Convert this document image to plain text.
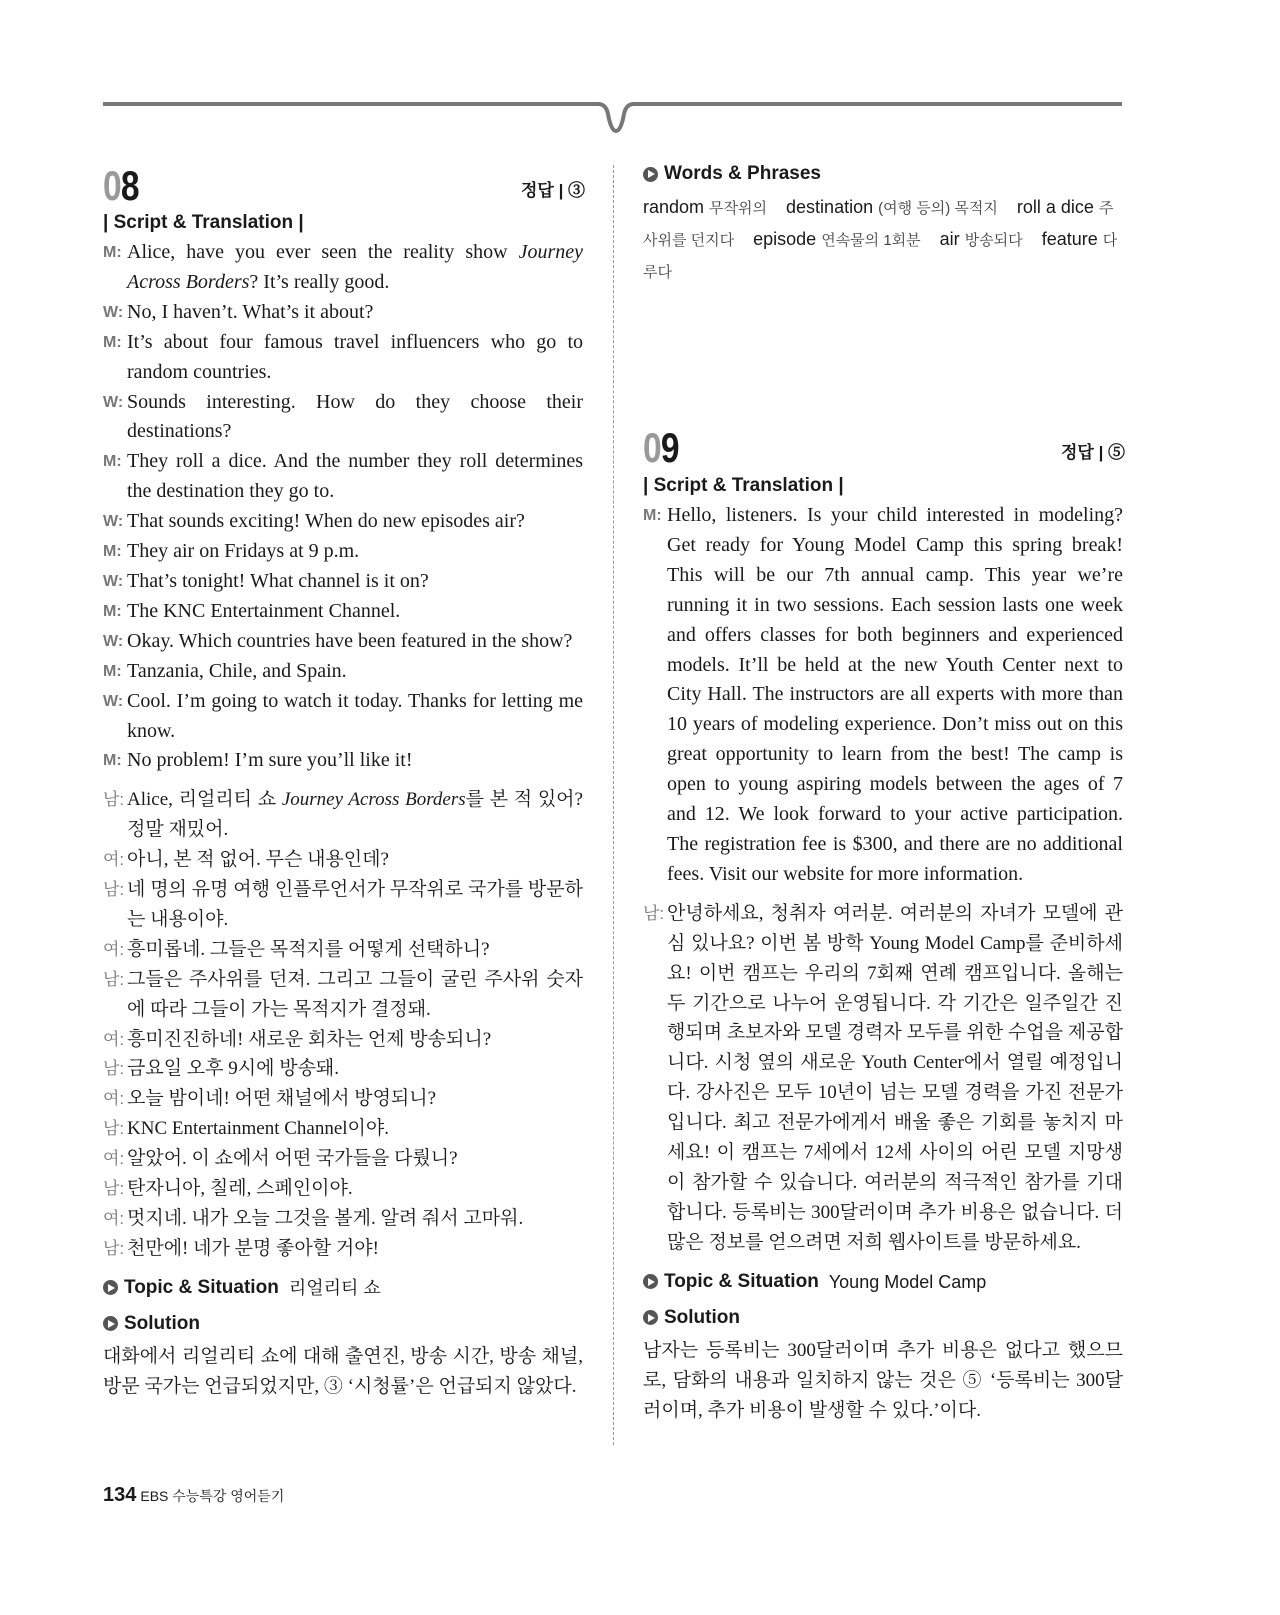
08	정답 | ③
| Script & Translation |
M: Alice, have you ever seen the reality show Journey Across Borders? It’s really good.
W: No, I haven’t. What’s it about?
M: It’s about four famous travel influencers who go to random countries.
W: Sounds interesting. How do they choose their destinations?
M: They roll a dice. And the number they roll determines the destination they go to.
W: That sounds exciting! When do new episodes air?
M: They air on Fridays at 9 p.m.
W: That’s tonight! What channel is it on?
M: The KNC Entertainment Channel.
W: Okay. Which countries have been featured in the show?
M: Tanzania, Chile, and Spain.
W: Cool. I’m going to watch it today. Thanks for letting me know.
M: No problem! I’m sure you’ll like it!
남: Alice, 리얼리티 쇼 Journey Across Borders를 본 적 있어? 정말 재밌어.
여: 아니, 본 적 없어. 무슨 내용인데?
남: 네 명의 유명 여행 인플루언서가 무작위로 국가를 방문하는 내용이야.
여: 흥미롭네. 그들은 목적지를 어떻게 선택하니?
남: 그들은 주사위를 던져. 그리고 그들이 굴린 주사위 숫자에 따라 그들이 가는 목적지가 결정돼.
여: 흥미진진하네! 새로운 회차는 언제 방송되니?
남: 금요일 오후 9시에 방송돼.
여: 오늘 밤이네! 어떤 채널에서 방영되니?
남: KNC Entertainment Channel이야.
여: 알았어. 이 쇼에서 어떤 국가들을 다뤘니?
남: 탄자니아, 칠레, 스페인이야.
여: 멋지네. 내가 오늘 그것을 볼게. 알려 줘서 고마워.
남: 천만에! 네가 분명 좋아할 거야!
Topic & Situation 리얼리티 쇼
Solution
대화에서 리얼리티 쇼에 대해 출연진, 방송 시간, 방송 채널, 방문 국가는 언급되었지만, ③ ‘시청률’은 언급되지 않았다.
Words & Phrases
random 무작위의 destination (여행 등의) 목적지 roll a dice 주사위를 던지다 episode 연속물의 1회분 air 방송되다 feature 다루다
09	정답 | ⑤
| Script & Translation |
M: Hello, listeners. Is your child interested in modeling? Get ready for Young Model Camp this spring break! This will be our 7th annual camp. This year we’re running it in two sessions. Each session lasts one week and offers classes for both beginners and experienced models. It’ll be held at the new Youth Center next to City Hall. The instructors are all experts with more than 10 years of modeling experience. Don’t miss out on this great opportunity to learn from the best! The camp is open to young aspiring models between the ages of 7 and 12. We look forward to your active participation. The registration fee is $300, and there are no additional fees. Visit our website for more information.
남: 안녕하세요, 청취자 여러분. 여러분의 자녀가 모델에 관심 있나요? 이번 봄 방학 Young Model Camp를 준비하세요! 이번 캠프는 우리의 7회째 연례 캠프입니다. 올해는 두 기간으로 나누어 운영됩니다. 각 기간은 일주일간 진행되며 초보자와 모델 경력자 모두를 위한 수업을 제공합니다. 시청 옆의 새로운 Youth Center에서 열릴 예정입니다. 강사진은 모두 10년이 넘는 모델 경력을 가진 전문가입니다. 최고 전문가에게서 배울 좋은 기회를 놓치지 마세요! 이 캠프는 7세에서 12세 사이의 어린 모델 지망생이 참가할 수 있습니다. 여러분의 적극적인 참가를 기대합니다. 등록비는 300달러이며 추가 비용은 없습니다. 더 많은 정보를 얻으려면 저희 웹사이트를 방문하세요.
Topic & Situation Young Model Camp
Solution
남자는 등록비는 300달러이며 추가 비용은 없다고 했으므로, 담화의 내용과 일치하지 않는 것은 ⑤ ‘등록비는 300달러이며, 추가 비용이 발생할 수 있다.’이다.
134 EBS 수능특강 영어듣기
